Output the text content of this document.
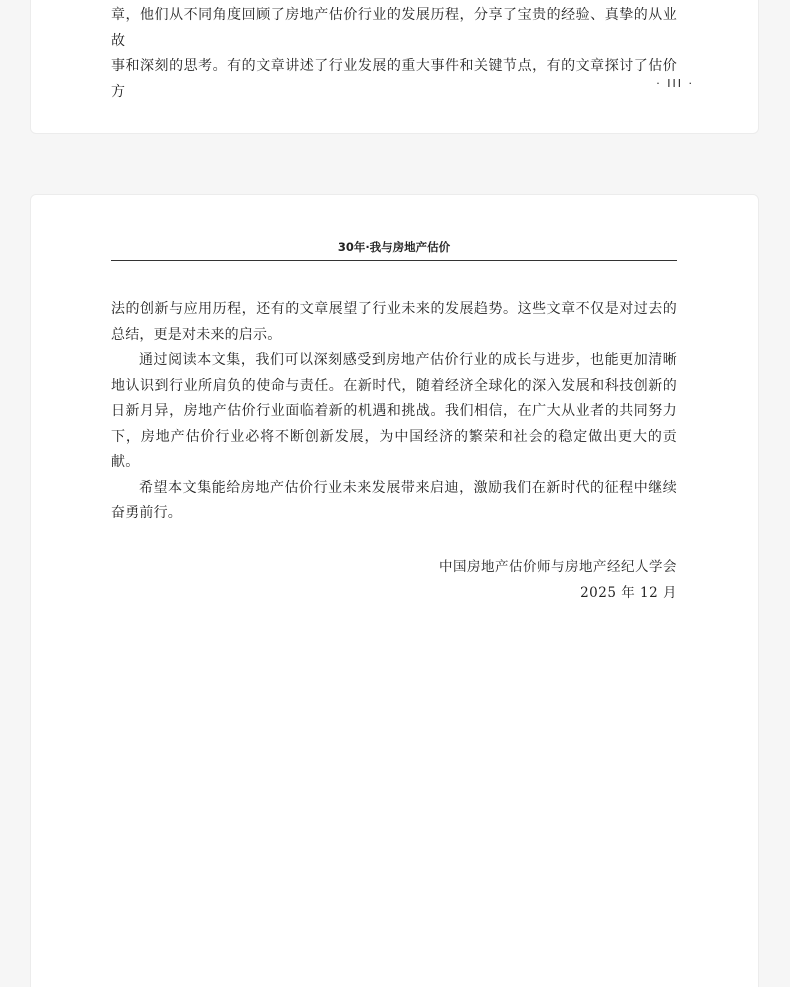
章，他们从不同角度回顾了房地产估价行业的发展历程，分享了宝贵的经验、真挚的从业故

事和深刻的思考。有的文章讲述了行业发展的重大事件和关键节点，有的文章探讨了估价方	· III ·
30年·我与房地产估价

法的创新与应用历程，还有的文章展望了行业未来的发展趋势。这些文章不仅是对过去的总结，更是对未来的启示。

通过阅读本文集，我们可以深刻感受到房地产估价行业的成长与进步，也能更加清晰地认识到行业所肩负的使命与责任。在新时代，随着经济全球化的深入发展和科技创新的日新月异，房地产估价行业面临着新的机遇和挑战。我们相信，在广大从业者的共同努力下，房地产估价行业必将不断创新发展，为中国经济的繁荣和社会的稳定做出更大的贡献。

希望本文集能给房地产估价行业未来发展带来启迪，激励我们在新时代的征程中继续奋勇前行。

中国房地产估价师与房地产经纪人学会
2025 年 12 月
